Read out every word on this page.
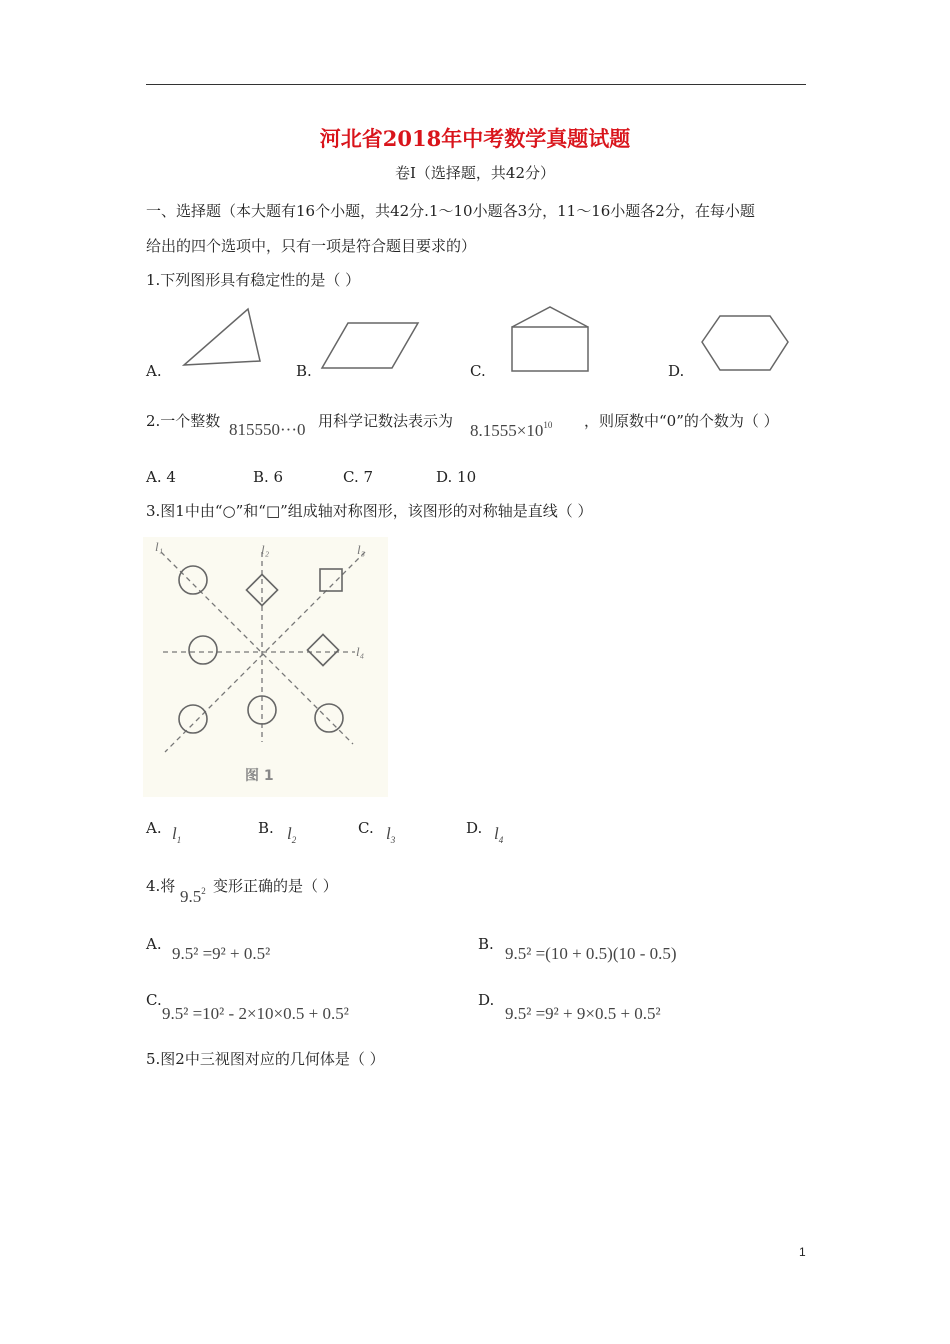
河北省2018年中考数学真题试题
卷Ⅰ（选择题，共42分）
一、选择题（本大题有16个小题，共42分.1～10小题各3分，11～16小题各2分，在每小题
给出的四个选项中，只有一项是符合题目要求的）
1.下列图形具有稳定性的是（ ）
A.	B.	C.	D.
2.一个整数 815550···0 用科学记数法表示为 $8.1555\times 10^{10}$ ，则原数中“0”的个数为（ ）
A. 4	B. 6	C. 7	D. 10
3.图1中由“○”和“□”组成轴对称图形，该图形的对称轴是直线（ ）
l₁	l₂	l₃
l₄
图 1
A. $l_1$
B. $l_2$
C. $l_3$
D. $l_4$
4.将
$9.5^2$ 变形正确的是（ ）
A. 9.5² =9² + 0.5²	B. 9.5² =(10 + 0.5)(10 - 0.5)
C.
9.5² =10² - 2×10×0.5 + 0.5²
D.
9.5² =9² + 9×0.5 + 0.5²
5.图2中三视图对应的几何体是（ ）
1
